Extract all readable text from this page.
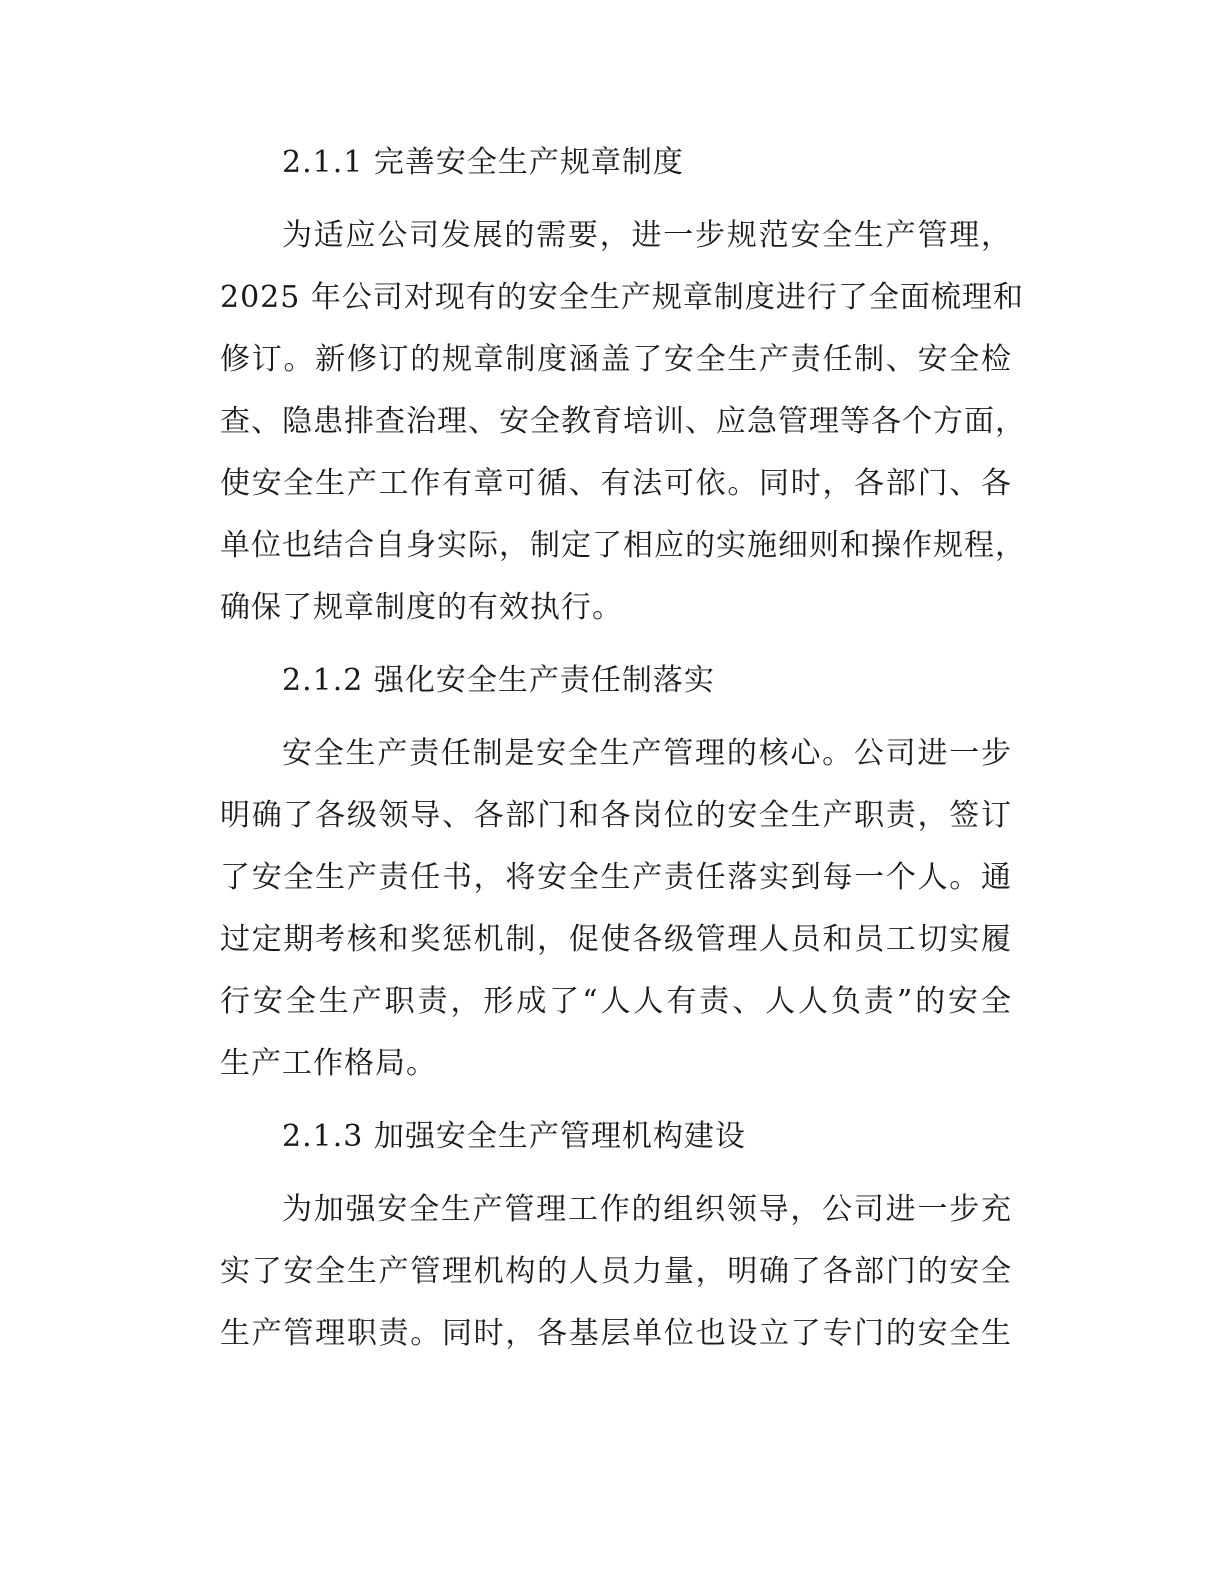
2.1.1 完善安全生产规章制度
为适应公司发展的需要，进一步规范安全生产管理，
2025 年公司对现有的安全生产规章制度进行了全面梳理和
修订。新修订的规章制度涵盖了安全生产责任制、安全检
查、隐患排查治理、安全教育培训、应急管理等各个方面，
使安全生产工作有章可循、有法可依。同时，各部门、各
单位也结合自身实际，制定了相应的实施细则和操作规程，
确保了规章制度的有效执行。
2.1.2 强化安全生产责任制落实
安全生产责任制是安全生产管理的核心。公司进一步
明确了各级领导、各部门和各岗位的安全生产职责，签订
了安全生产责任书，将安全生产责任落实到每一个人。通
过定期考核和奖惩机制，促使各级管理人员和员工切实履
行安全生产职责，形成了“人人有责、人人负责”的安全
生产工作格局。
2.1.3 加强安全生产管理机构建设
为加强安全生产管理工作的组织领导，公司进一步充
实了安全生产管理机构的人员力量，明确了各部门的安全
生产管理职责。同时，各基层单位也设立了专门的安全生
